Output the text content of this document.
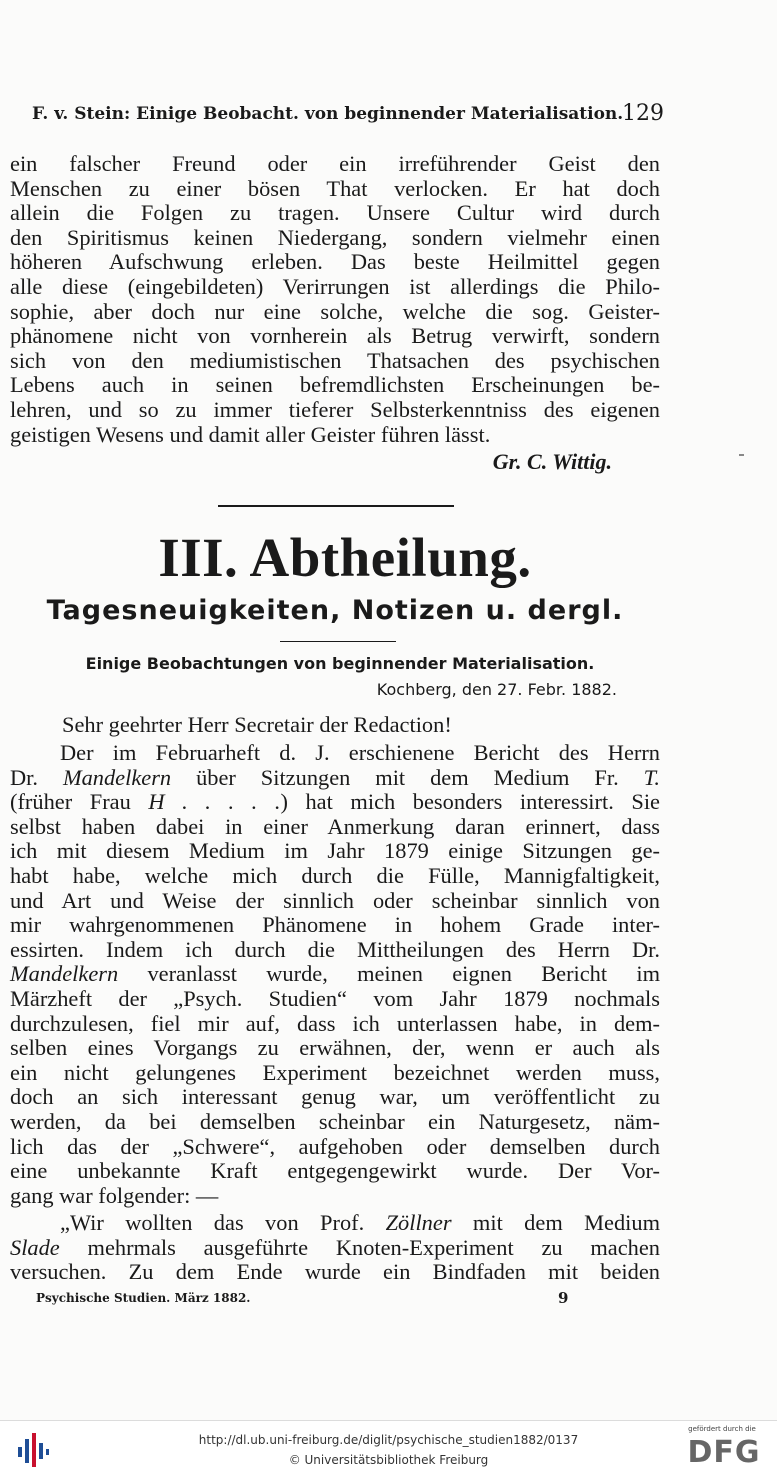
F. v. Stein: Einige Beobacht. von beginnender Materialisation.
129
ein falscher Freund oder ein irreführender Geist den
Menschen zu einer bösen That verlocken. Er hat doch
allein die Folgen zu tragen. Unsere Cultur wird durch
den Spiritismus keinen Niedergang, sondern vielmehr einen
höheren Aufschwung erleben. Das beste Heilmittel gegen
alle diese (eingebildeten) Verirrungen ist allerdings die Philo-
sophie, aber doch nur eine solche, welche die sog. Geister-
phänomene nicht von vornherein als Betrug verwirft, sondern
sich von den mediumistischen Thatsachen des psychischen
Lebens auch in seinen befremdlichsten Erscheinungen be-
lehren, und so zu immer tieferer Selbsterkenntniss des eigenen
geistigen Wesens und damit aller Geister führen lässt.
Gr. C. Wittig.
III. Abtheilung.
Tagesneuigkeiten, Notizen u. dergl.
Einige Beobachtungen von beginnender Materialisation.
Kochberg, den 27. Febr. 1882.
Sehr geehrter Herr Secretair der Redaction!
Der im Februarheft d. J. erschienene Bericht des Herrn
Dr. Mandelkern über Sitzungen mit dem Medium Fr. T.
(früher Frau H . . . . .) hat mich besonders interessirt. Sie
selbst haben dabei in einer Anmerkung daran erinnert, dass
ich mit diesem Medium im Jahr 1879 einige Sitzungen ge-
habt habe, welche mich durch die Fülle, Mannigfaltigkeit,
und Art und Weise der sinnlich oder scheinbar sinnlich von
mir wahrgenommenen Phänomene in hohem Grade inter-
essirten. Indem ich durch die Mittheilungen des Herrn Dr.
Mandelkern veranlasst wurde, meinen eignen Bericht im
Märzheft der „Psych. Studien“ vom Jahr 1879 nochmals
durchzulesen, fiel mir auf, dass ich unterlassen habe, in dem-
selben eines Vorgangs zu erwähnen, der, wenn er auch als
ein nicht gelungenes Experiment bezeichnet werden muss,
doch an sich interessant genug war, um veröffentlicht zu
werden, da bei demselben scheinbar ein Naturgesetz, näm-
lich das der „Schwere“, aufgehoben oder demselben durch
eine unbekannte Kraft entgegengewirkt wurde. Der Vor-
gang war folgender: —
„Wir wollten das von Prof. Zöllner mit dem Medium
Slade mehrmals ausgeführte Knoten-Experiment zu machen
versuchen. Zu dem Ende wurde ein Bindfaden mit beiden
Psychische Studien. März 1882.	9
http://dl.ub.uni-freiburg.de/diglit/psychische_studien1882/0137
© Universitätsbibliothek Freiburg
gefördert durch die
DFG
